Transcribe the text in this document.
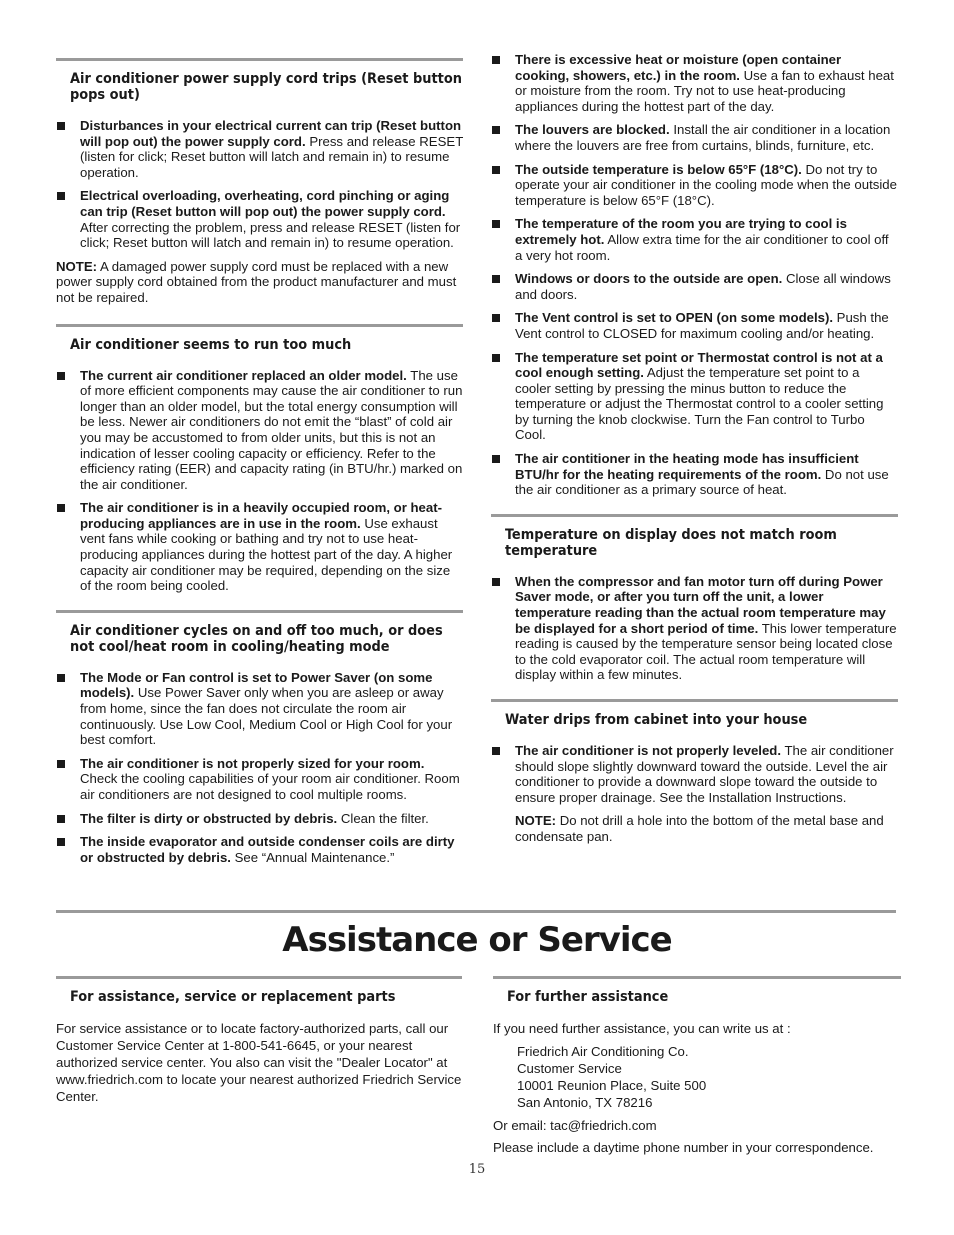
Air conditioner power supply cord trips (Reset button pops out)
Disturbances in your electrical current can trip (Reset button will pop out) the power supply cord. Press and release RESET (listen for click; Reset button will latch and remain in) to resume operation.
Electrical overloading, overheating, cord pinching or aging can trip (Reset button will pop out) the power supply cord. After correcting the problem, press and release RESET (listen for click; Reset button will latch and remain in) to resume operation.

NOTE: A damaged power supply cord must be replaced with a new power supply cord obtained from the product manufacturer and must not be repaired.

Air conditioner seems to run too much
The current air conditioner replaced an older model. The use of more efficient components may cause the air conditioner to run longer than an older model, but the total energy consumption will be less. Newer air conditioners do not emit the “blast” of cold air you may be accustomed to from older units, but this is not an indication of lesser cooling capacity or efficiency. Refer to the efficiency rating (EER) and capacity rating (in BTU/hr.) marked on the air conditioner.
The air conditioner is in a heavily occupied room, or heat-producing appliances are in use in the room. Use exhaust vent fans while cooking or bathing and try not to use heat-producing appliances during the hottest part of the day. A higher capacity air conditioner may be required, depending on the size of the room being cooled.
Air conditioner cycles on and off too much, or does not cool/heat room in cooling/heating mode
The Mode or Fan control is set to Power Saver (on some models). Use Power Saver only when you are asleep or away from home, since the fan does not circulate the room air continuously. Use Low Cool, Medium Cool or High Cool for your best comfort.
The air conditioner is not properly sized for your room. Check the cooling capabilities of your room air conditioner. Room air conditioners are not designed to cool multiple rooms.
The filter is dirty or obstructed by debris. Clean the filter.
The inside evaporator and outside condenser coils are dirty or obstructed by debris. See “Annual Maintenance.”
There is excessive heat or moisture (open container cooking, showers, etc.) in the room. Use a fan to exhaust heat or moisture from the room. Try not to use heat-producing appliances during the hottest part of the day.
The louvers are blocked. Install the air conditioner in a location where the louvers are free from curtains, blinds, furniture, etc.
The outside temperature is below 65°F (18°C). Do not try to operate your air conditioner in the cooling mode when the outside temperature is below 65°F (18°C).
The temperature of the room you are trying to cool is extremely hot. Allow extra time for the air conditioner to cool off a very hot room.
Windows or doors to the outside are open. Close all windows and doors.
The Vent control is set to OPEN (on some models). Push the Vent control to CLOSED for maximum cooling and/or heating.
The temperature set point or Thermostat control is not at a cool enough setting. Adjust the temperature set point to a cooler setting by pressing the minus button to reduce the temperature or adjust the Thermostat control to a cooler setting by turning the knob clockwise. Turn the Fan control to Turbo Cool.
The air contitioner in the heating mode has insufficient BTU/hr for the heating requirements of the room. Do not use the air conditioner as a primary source of heat.
Temperature on display does not match room temperature
When the compressor and fan motor turn off during Power Saver mode, or after you turn off the unit, a lower temperature reading than the actual room temperature may be displayed for a short period of time. This lower temperature reading is caused by the temperature sensor being located close to the cold evaporator coil. The actual room temperature will display within a few minutes.
Water drips from cabinet into your house
The air conditioner is not properly leveled. The air conditioner should slope slightly downward toward the outside. Level the air conditioner to provide a downward slope toward the outside to ensure proper drainage. See the Installation Instructions.

NOTE: Do not drill a hole into the bottom of the metal base and condensate pan.

Assistance or Service
For assistance, service or replacement parts

For service assistance or to locate factory-authorized parts, call our Customer Service Center at 1-800-541-6645, or your nearest authorized service center. You also can visit the "Dealer Locator" at www.friedrich.com to locate your nearest authorized Friedrich Service Center.

For further assistance

If you need further assistance, you can write us at :

Friedrich Air Conditioning Co.
Customer Service
10001 Reunion Place, Suite 500
San Antonio, TX 78216

Or email: tac@friedrich.com

Please include a daytime phone number in your correspondence.

15
